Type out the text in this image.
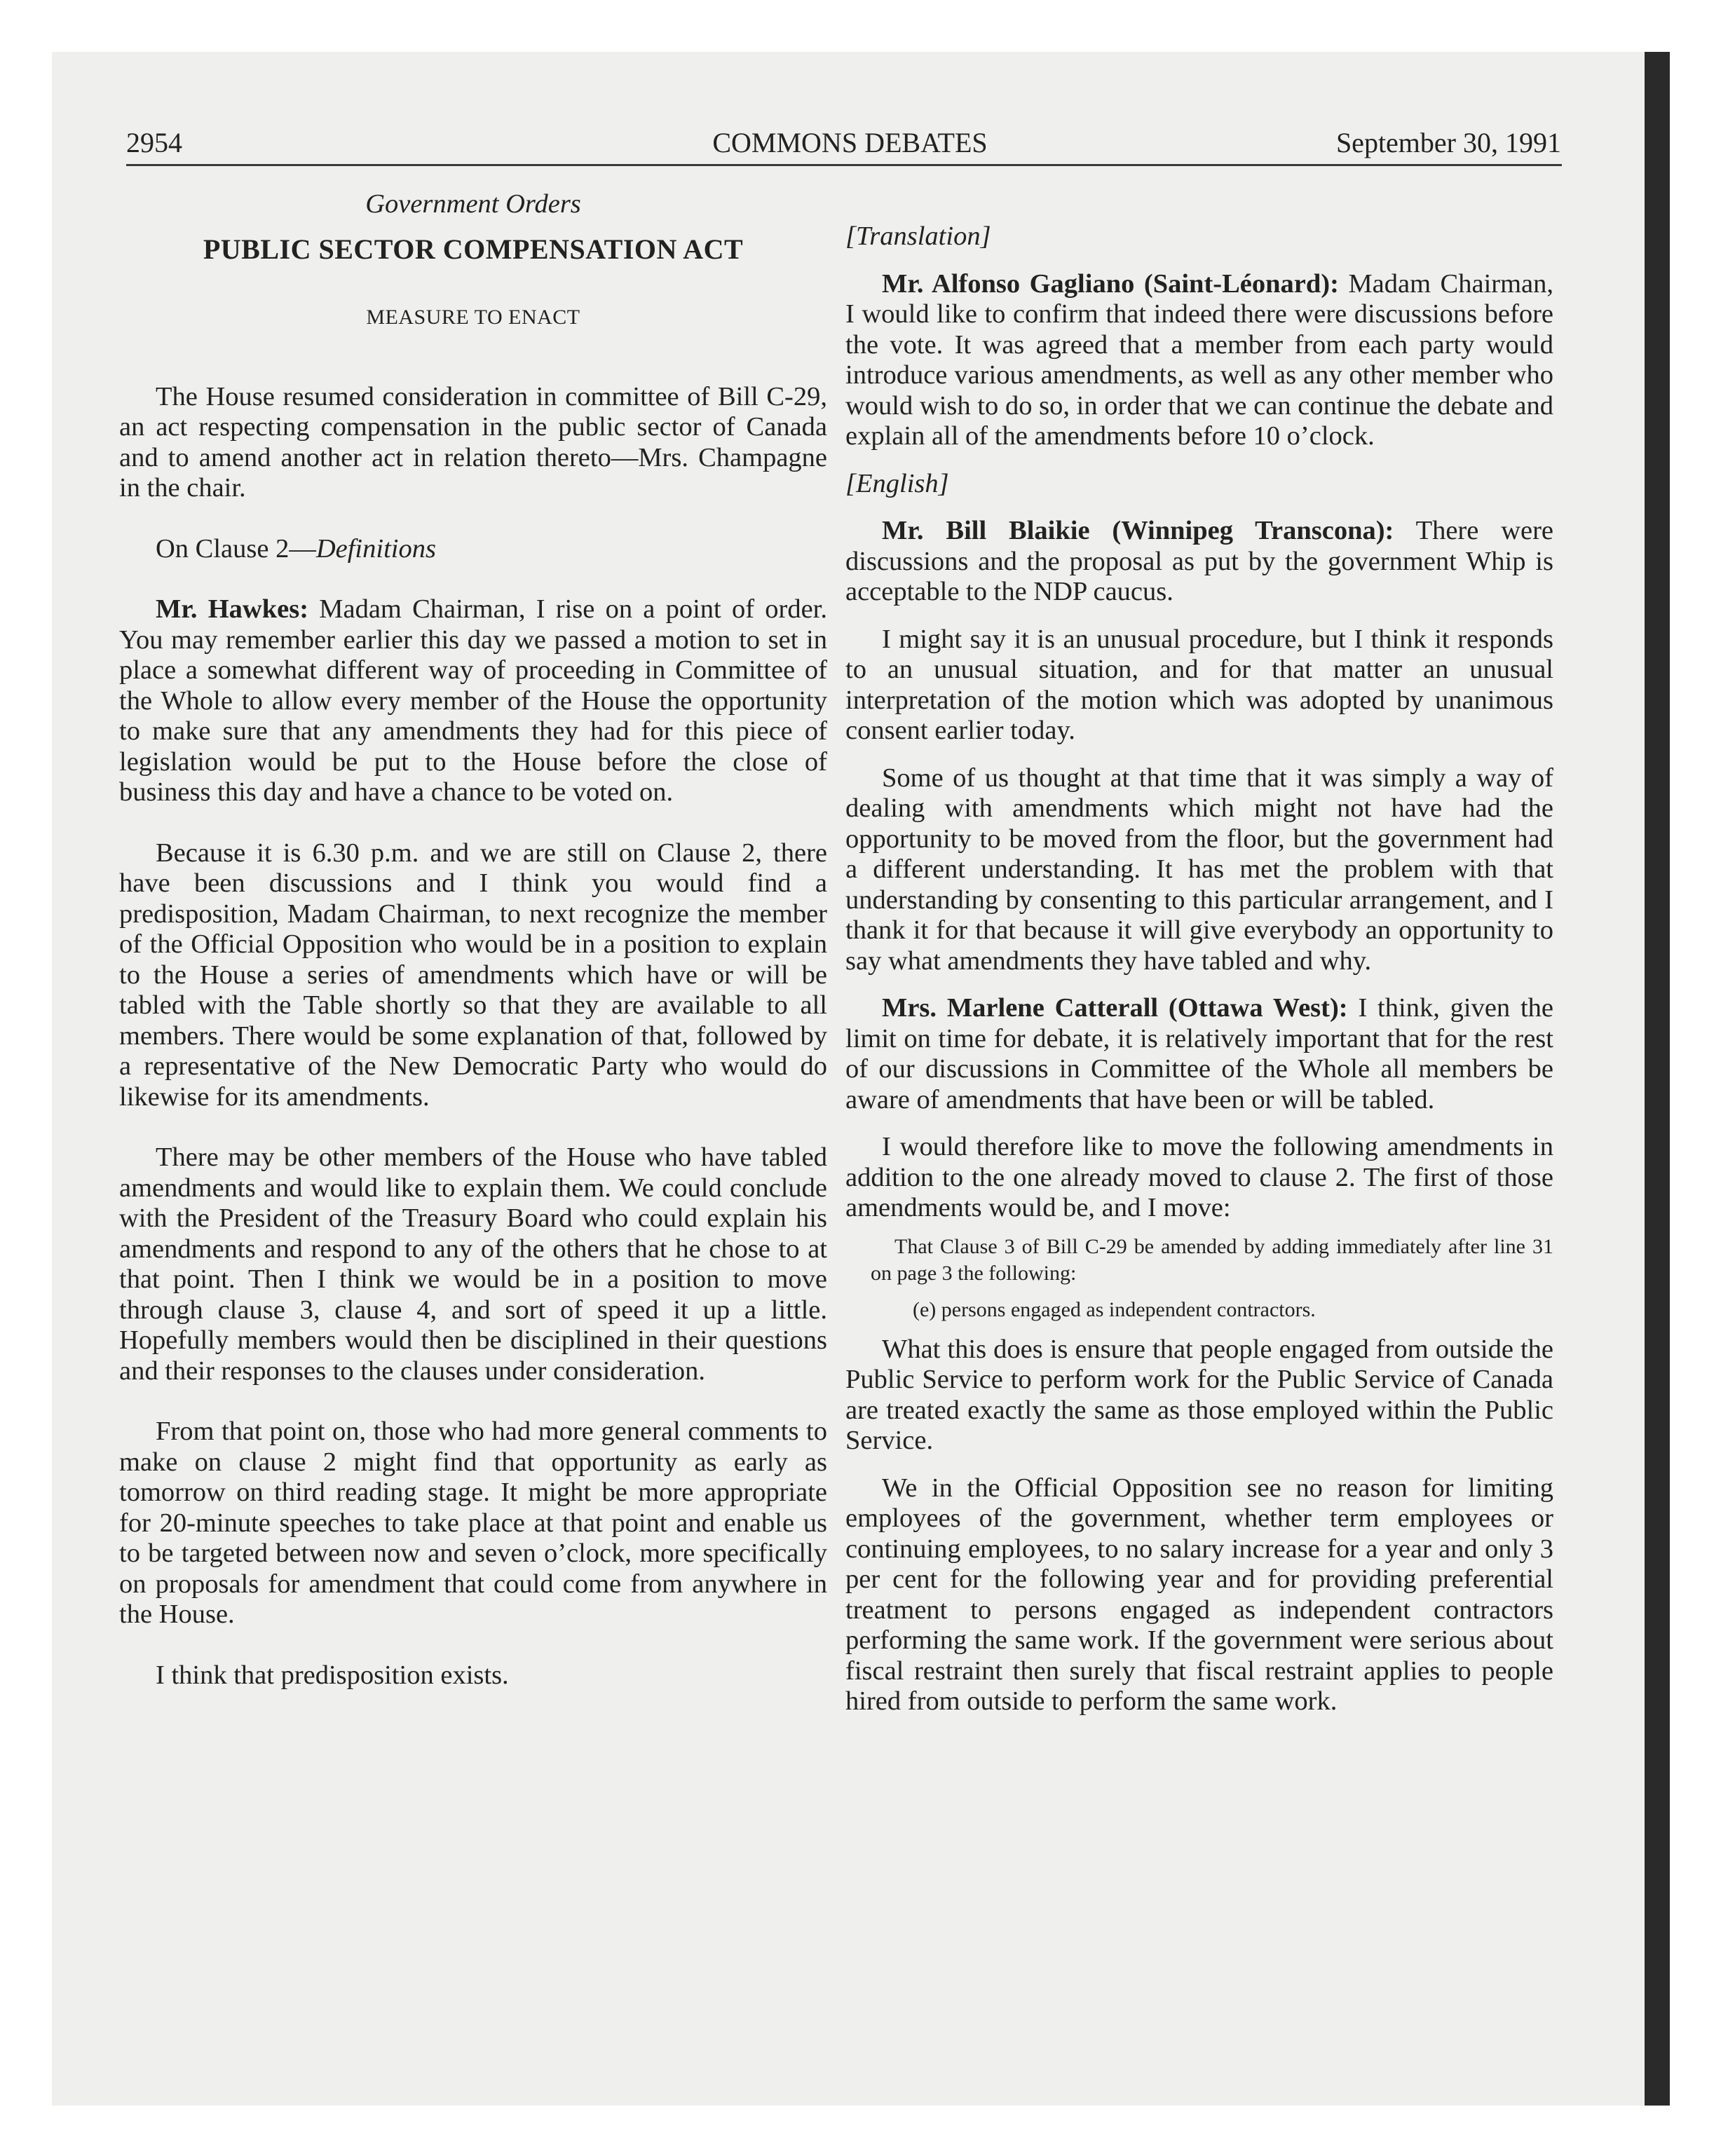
2954	COMMONS DEBATES	September 30, 1991

Government Orders

PUBLIC SECTOR COMPENSATION ACT

MEASURE TO ENACT

The House resumed consideration in committee of Bill C-29, an act respecting compensation in the public sector of Canada and to amend another act in relation thereto—Mrs. Champagne in the chair.

On Clause 2—Definitions

Mr. Hawkes: Madam Chairman, I rise on a point of order. You may remember earlier this day we passed a motion to set in place a somewhat different way of proceeding in Committee of the Whole to allow every member of the House the opportunity to make sure that any amendments they had for this piece of legislation would be put to the House before the close of business this day and have a chance to be voted on.

Because it is 6.30 p.m. and we are still on Clause 2, there have been discussions and I think you would find a predisposition, Madam Chairman, to next recognize the member of the Official Opposition who would be in a position to explain to the House a series of amendments which have or will be tabled with the Table shortly so that they are available to all members. There would be some explanation of that, followed by a representative of the New Democratic Party who would do likewise for its amendments.

There may be other members of the House who have tabled amendments and would like to explain them. We could conclude with the President of the Treasury Board who could explain his amendments and respond to any of the others that he chose to at that point. Then I think we would be in a position to move through clause 3, clause 4, and sort of speed it up a little. Hopefully members would then be disciplined in their questions and their responses to the clauses under consideration.

From that point on, those who had more general comments to make on clause 2 might find that opportunity as early as tomorrow on third reading stage. It might be more appropriate for 20-minute speeches to take place at that point and enable us to be targeted between now and seven o’clock, more specifically on proposals for amendment that could come from anywhere in the House.

I think that predisposition exists.

[Translation]

Mr. Alfonso Gagliano (Saint-Léonard): Madam Chairman, I would like to confirm that indeed there were discussions before the vote. It was agreed that a member from each party would introduce various amendments, as well as any other member who would wish to do so, in order that we can continue the debate and explain all of the amendments before 10 o’clock.

[English]

Mr. Bill Blaikie (Winnipeg Transcona): There were discussions and the proposal as put by the government Whip is acceptable to the NDP caucus.

I might say it is an unusual procedure, but I think it responds to an unusual situation, and for that matter an unusual interpretation of the motion which was adopted by unanimous consent earlier today.

Some of us thought at that time that it was simply a way of dealing with amendments which might not have had the opportunity to be moved from the floor, but the government had a different understanding. It has met the problem with that understanding by consenting to this particular arrangement, and I thank it for that because it will give everybody an opportunity to say what amendments they have tabled and why.

Mrs. Marlene Catterall (Ottawa West): I think, given the limit on time for debate, it is relatively important that for the rest of our discussions in Committee of the Whole all members be aware of amendments that have been or will be tabled.

I would therefore like to move the following amendments in addition to the one already moved to clause 2. The first of those amendments would be, and I move:

That Clause 3 of Bill C-29 be amended by adding immediately after line 31 on page 3 the following:

(e) persons engaged as independent contractors.

What this does is ensure that people engaged from outside the Public Service to perform work for the Public Service of Canada are treated exactly the same as those employed within the Public Service.

We in the Official Opposition see no reason for limiting employees of the government, whether term employees or continuing employees, to no salary increase for a year and only 3 per cent for the following year and for providing preferential treatment to persons engaged as independent contractors performing the same work. If the government were serious about fiscal restraint then surely that fiscal restraint applies to people hired from outside to perform the same work.
